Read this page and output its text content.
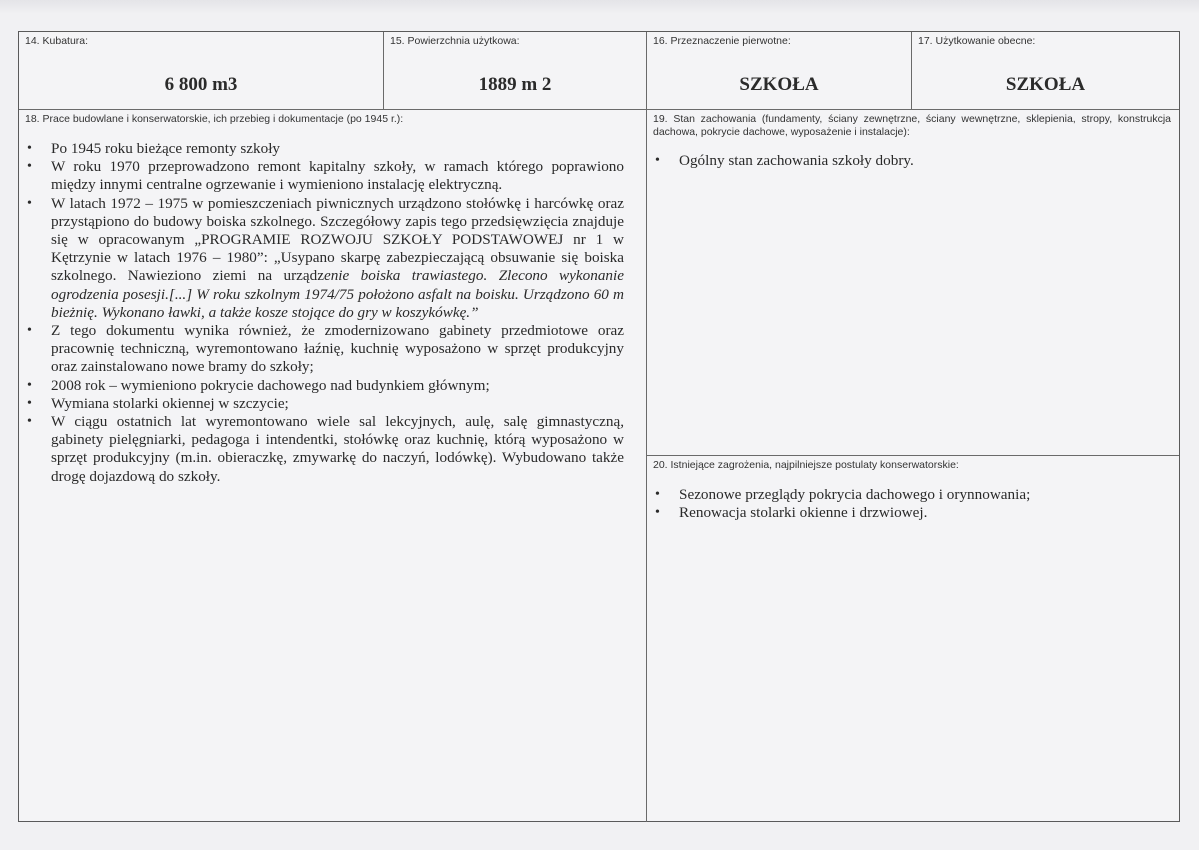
14. Kubatura:
6 800 m3
15. Powierzchnia użytkowa:
1889 m 2
16. Przeznaczenie pierwotne:
SZKOŁA
17. Użytkowanie obecne:
SZKOŁA
18. Prace budowlane i konserwatorskie, ich przebieg i dokumentacje (po 1945 r.):
• Po 1945 roku bieżące remonty szkoły
• W roku 1970 przeprowadzono remont kapitalny szkoły, w ramach którego poprawiono między innymi centralne ogrzewanie i wymieniono instalację elektryczną.
• W latach 1972 – 1975 w pomieszczeniach piwnicznych urządzono stołówkę i harcówkę oraz przystąpiono do budowy boiska szkolnego. Szczegółowy zapis tego przedsięwzięcia znajduje się w opracowanym „PROGRAMIE ROZWOJU SZKOŁY PODSTAWOWEJ nr 1 w Kętrzynie w latach 1976 – 1980”: „Usypano skarpę zabezpieczającą obsuwanie się boiska szkolnego. Nawieziono ziemi na urządzenie boiska trawiastego. Zlecono wykonanie ogrodzenia posesji.[...] W roku szkolnym 1974/75 położono asfalt na boisku. Urządzono 60 m bieżnię. Wykonano ławki, a także kosze stojące do gry w koszykówkę.”
• Z tego dokumentu wynika również, że zmodernizowano gabinety przedmiotowe oraz pracownię techniczną, wyremontowano łaźnię, kuchnię wyposażono w sprzęt produkcyjny oraz zainstalowano nowe bramy do szkoły;
• 2008 rok – wymieniono pokrycie dachowego nad budynkiem głównym;
• Wymiana stolarki okiennej w szczycie;
• W ciągu ostatnich lat wyremontowano wiele sal lekcyjnych, aulę, salę gimnastyczną, gabinety pielęgniarki, pedagoga i intendentki, stołówkę oraz kuchnię, którą wyposażono w sprzęt produkcyjny (m.in. obieraczkę, zmywarkę do naczyń, lodówkę). Wybudowano także drogę dojazdową do szkoły.
19. Stan zachowania (fundamenty, ściany zewnętrzne, ściany wewnętrzne, sklepienia, stropy, konstrukcja dachowa, pokrycie dachowe, wyposażenie i instalacje):
• Ogólny stan zachowania szkoły dobry.
20. Istniejące zagrożenia, najpilniejsze postulaty konserwatorskie:
• Sezonowe przeglądy pokrycia dachowego i orynnowania;
• Renowacja stolarki okienne i drzwiowej.
